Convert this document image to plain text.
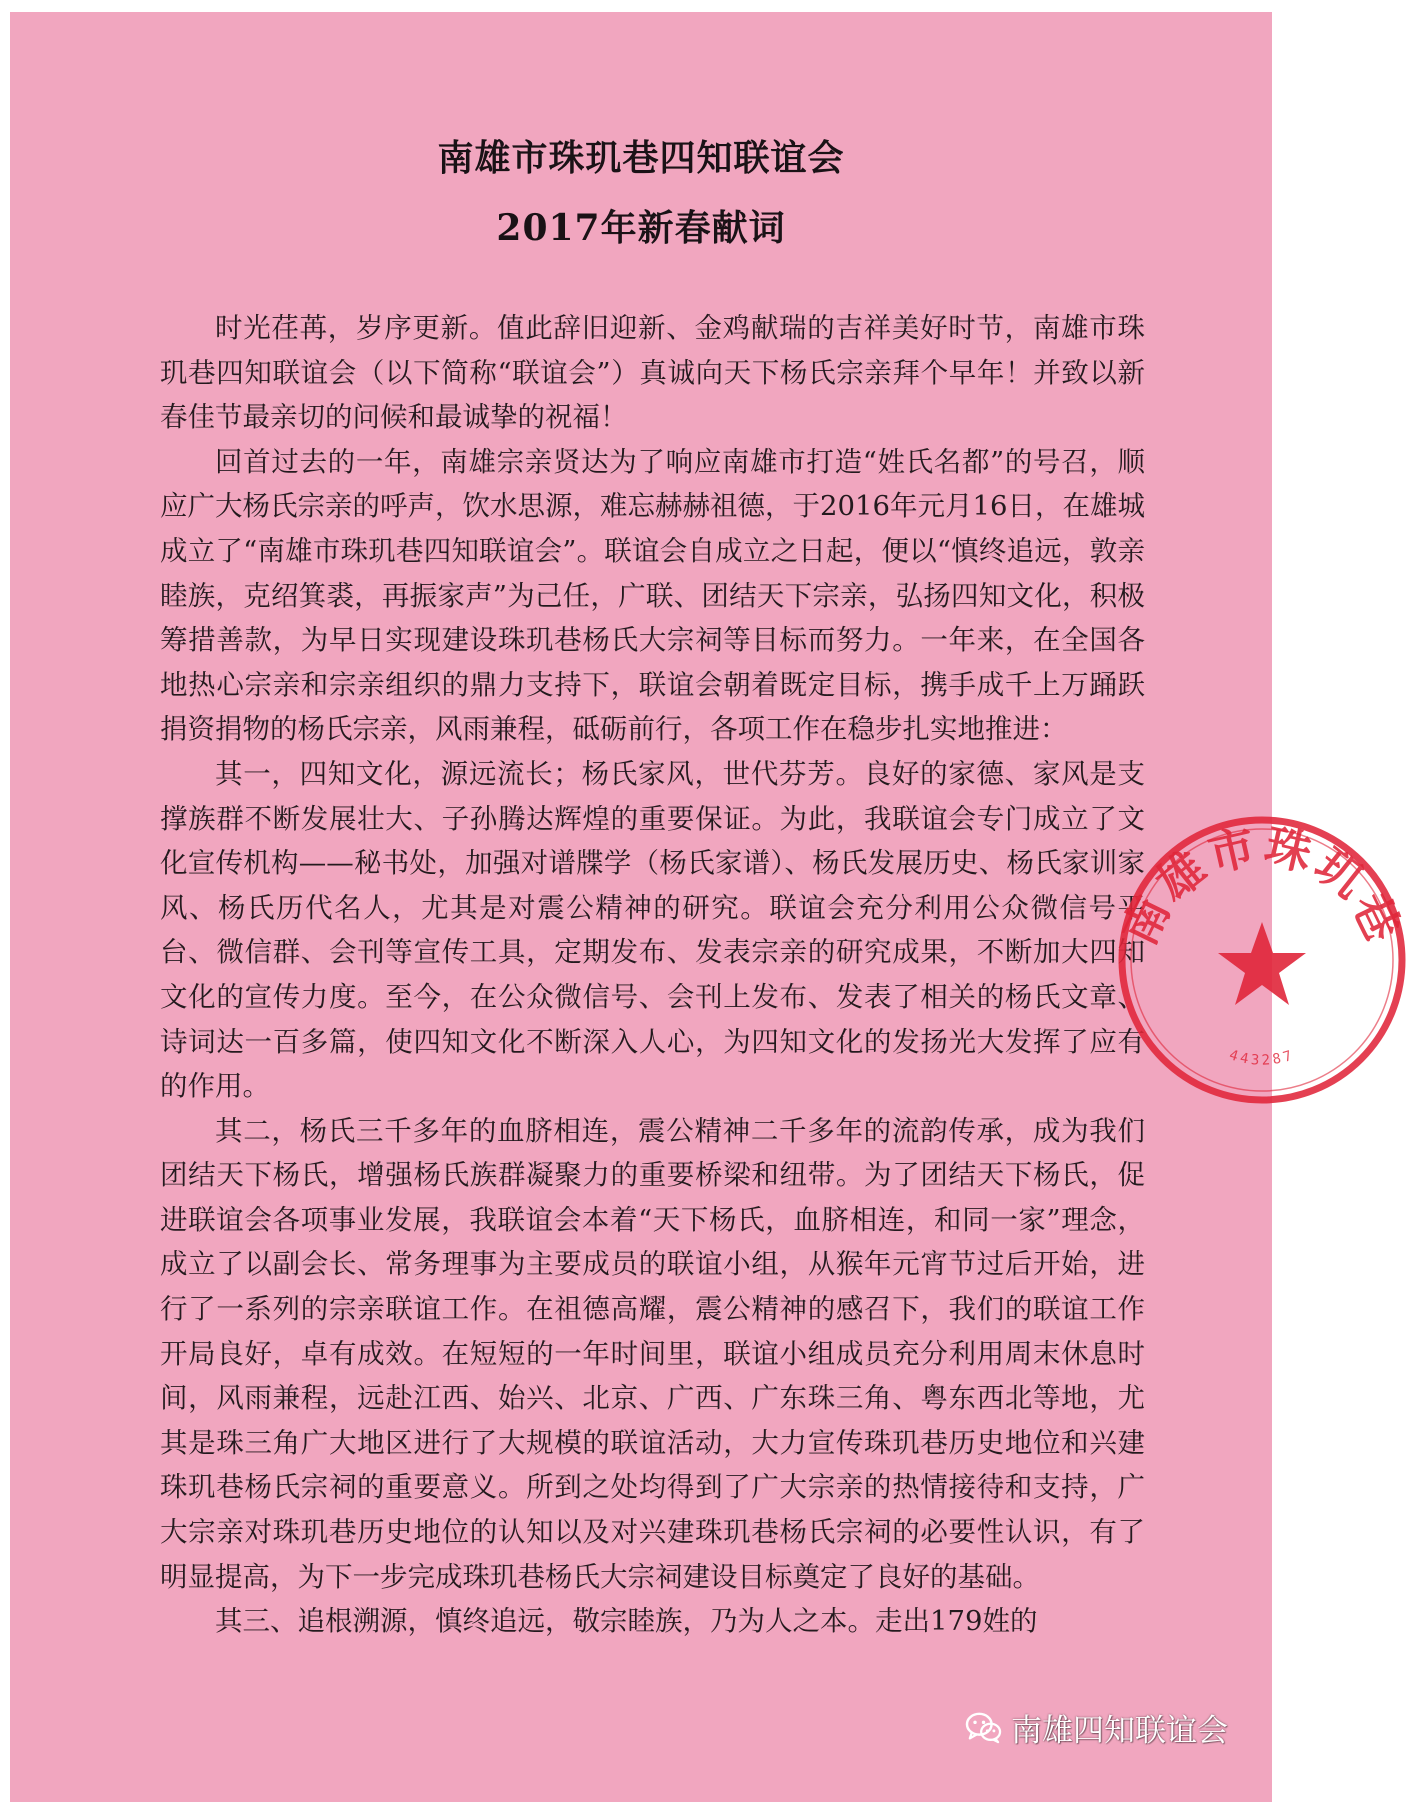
南雄市珠玑巷四知联谊会
2017年新春献词

时光荏苒，岁序更新。值此辞旧迎新、金鸡献瑞的吉祥美好时节，南雄市珠玑巷四知联谊会（以下简称“联谊会”）真诚向天下杨氏宗亲拜个早年！并致以新春佳节最亲切的问候和最诚挚的祝福！

回首过去的一年，南雄宗亲贤达为了响应南雄市打造“姓氏名都”的号召，顺应广大杨氏宗亲的呼声，饮水思源，难忘赫赫祖德，于2016年元月16日，在雄城成立了“南雄市珠玑巷四知联谊会”。联谊会自成立之日起，便以“慎终追远，敦亲睦族，克绍箕裘，再振家声”为己任，广联、团结天下宗亲，弘扬四知文化，积极筹措善款，为早日实现建设珠玑巷杨氏大宗祠等目标而努力。一年来，在全国各地热心宗亲和宗亲组织的鼎力支持下，联谊会朝着既定目标，携手成千上万踊跃捐资捐物的杨氏宗亲，风雨兼程，砥砺前行，各项工作在稳步扎实地推进：

其一，四知文化，源远流长；杨氏家风，世代芬芳。良好的家德、家风是支撑族群不断发展壮大、子孙腾达辉煌的重要保证。为此，我联谊会专门成立了文化宣传机构——秘书处，加强对谱牒学（杨氏家谱）、杨氏发展历史、杨氏家训家风、杨氏历代名人，尤其是对震公精神的研究。联谊会充分利用公众微信号平台、微信群、会刊等宣传工具，定期发布、发表宗亲的研究成果，不断加大四知文化的宣传力度。至今，在公众微信号、会刊上发布、发表了相关的杨氏文章、诗词达一百多篇，使四知文化不断深入人心，为四知文化的发扬光大发挥了应有的作用。

其二，杨氏三千多年的血脐相连，震公精神二千多年的流韵传承，成为我们团结天下杨氏，增强杨氏族群凝聚力的重要桥梁和纽带。为了团结天下杨氏，促进联谊会各项事业发展，我联谊会本着“天下杨氏，血脐相连，和同一家”理念，成立了以副会长、常务理事为主要成员的联谊小组，从猴年元宵节过后开始，进行了一系列的宗亲联谊工作。在祖德高耀，震公精神的感召下，我们的联谊工作开局良好，卓有成效。在短短的一年时间里，联谊小组成员充分利用周末休息时间，风雨兼程，远赴江西、始兴、北京、广西、广东珠三角、粤东西北等地，尤其是珠三角广大地区进行了大规模的联谊活动，大力宣传珠玑巷历史地位和兴建珠玑巷杨氏宗祠的重要意义。所到之处均得到了广大宗亲的热情接待和支持，广大宗亲对珠玑巷历史地位的认知以及对兴建珠玑巷杨氏宗祠的必要性认识，有了明显提高，为下一步完成珠玑巷杨氏大宗祠建设目标奠定了良好的基础。

其三、追根溯源，慎终追远，敬宗睦族，乃为人之本。走出179姓的

南雄市珠玑巷
443287
南雄四知联谊会
